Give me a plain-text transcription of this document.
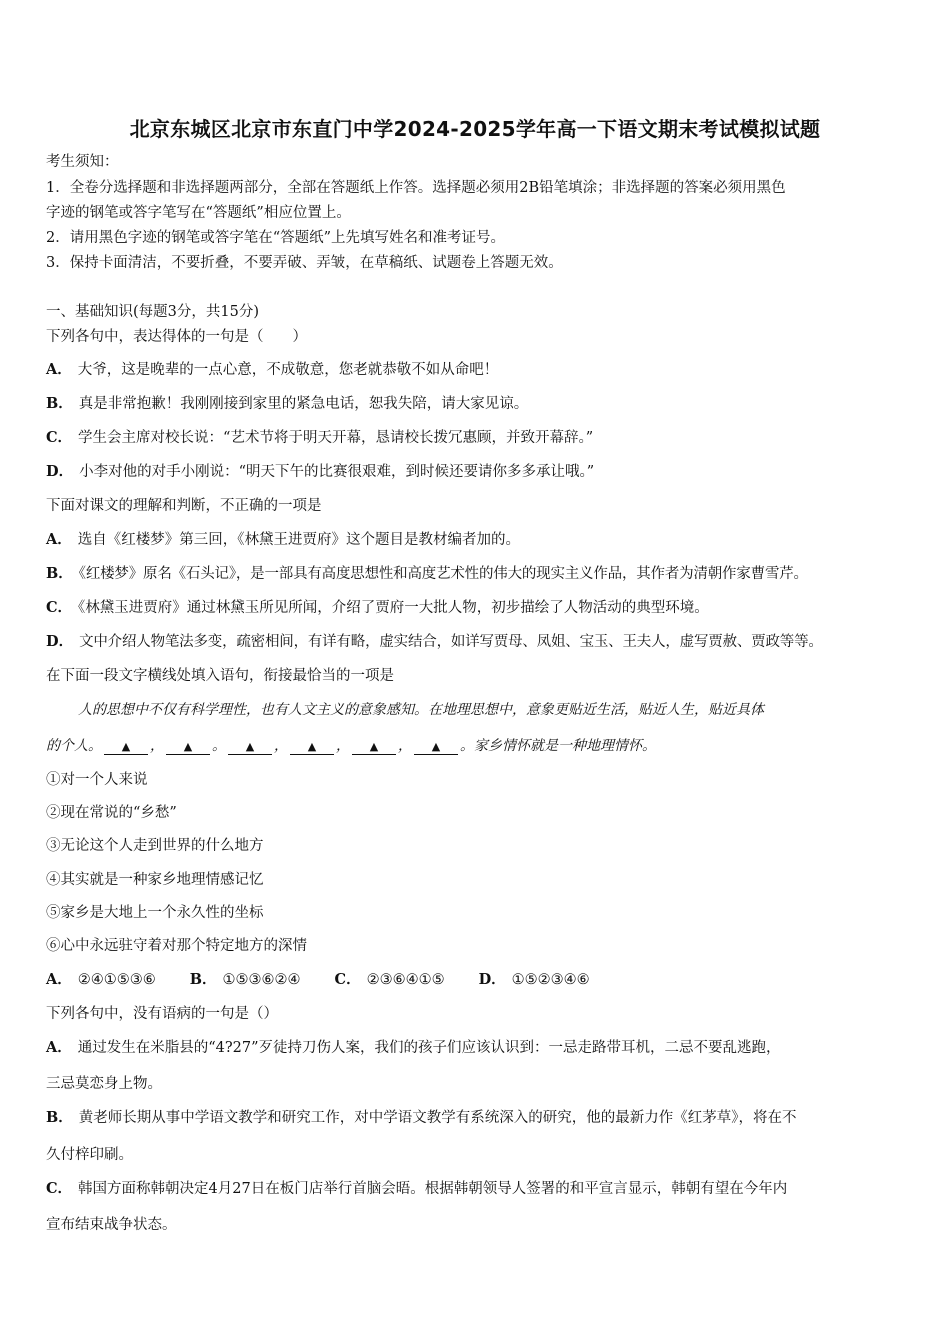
北京东城区北京市东直门中学2024-2025学年高一下语文期末考试模拟试题
考生须知：
1．全卷分选择题和非选择题两部分，全部在答题纸上作答。选择题必须用2B铅笔填涂；非选择题的答案必须用黑色
字迹的钢笔或答字笔写在“答题纸”相应位置上。
2．请用黑色字迹的钢笔或答字笔在“答题纸”上先填写姓名和准考证号。
3．保持卡面清洁，不要折叠，不要弄破、弄皱，在草稿纸、试题卷上答题无效。
一、基础知识(每题3分，共15分)
下列各句中，表达得体的一句是（　　）
A． 大爷，这是晚辈的一点心意，不成敬意，您老就恭敬不如从命吧！
B． 真是非常抱歉！我刚刚接到家里的紧急电话，恕我失陪，请大家见谅。
C． 学生会主席对校长说：“艺术节将于明天开幕，恳请校长拨冗惠顾，并致开幕辞。”
D． 小李对他的对手小刚说：“明天下午的比赛很艰难，到时候还要请你多多承让哦。”
下面对课文的理解和判断，不正确的一项是
A． 选自《红楼梦》第三回，《林黛王进贾府》这个题目是教材编者加的。
B． 《红楼梦》原名《石头记》，是一部具有高度思想性和高度艺术性的伟大的现实主义作品，其作者为清朝作家曹雪芹。
C． 《林黛玉进贾府》通过林黛玉所见所闻，介绍了贾府一大批人物，初步描绘了人物活动的典型环境。
D． 文中介绍人物笔法多变，疏密相间，有详有略，虚实结合，如详写贾母、凤姐、宝玉、王夫人，虚写贾赦、贾政等等。
在下面一段文字横线处填入语句，衔接最恰当的一项是
人的思想中不仅有科学理性，也有人文主义的意象感知。在地理思想中，意象更贴近生活，贴近人生，贴近具体
的个人。 ▲ ， ▲ 。 ▲ ， ▲ ， ▲ ， ▲ 。家乡情怀就是一种地理情怀。
①对一个人来说
②现在常说的“乡愁”
③无论这个人走到世界的什么地方
④其实就是一种家乡地理情感记忆
⑤家乡是大地上一个永久性的坐标
⑥心中永远驻守着对那个特定地方的深情
A． ②④①⑤③⑥ B． ①⑤③⑥②④ C． ②③⑥④①⑤ D． ①⑤②③④⑥
下列各句中，没有语病的一句是（）
A． 通过发生在米脂县的“4?27”歹徒持刀伤人案，我们的孩子们应该认识到：一忌走路带耳机，二忌不要乱逃跑，
三忌莫恋身上物。
B． 黄老师长期从事中学语文教学和研究工作，对中学语文教学有系统深入的研究，他的最新力作《红茅草》，将在不
久付梓印刷。
C． 韩国方面称韩朝决定4月27日在板门店举行首脑会晤。根据韩朝领导人签署的和平宣言显示，韩朝有望在今年内
宣布结束战争状态。
